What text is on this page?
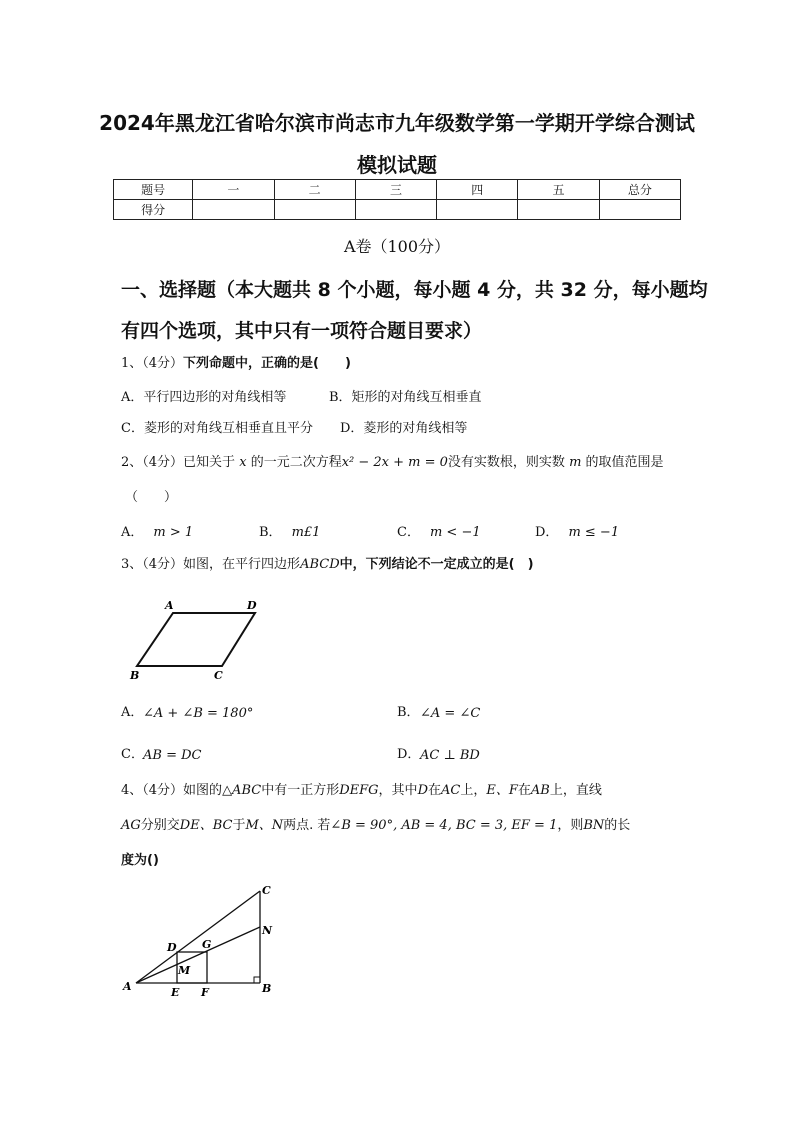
2024年黑龙江省哈尔滨市尚志市九年级数学第一学期开学综合测试
模拟试题
题号	一	二	三	四	五	总分
得分						
A卷（100分）
一、选择题（本大题共 8 个小题，每小题 4 分，共 32 分，每小题均
有四个选项，其中只有一项符合题目要求）
1、（4分）下列命题中，正确的是(　　)
A．平行四边形的对角线相等	B．矩形的对角线互相垂直
C．菱形的对角线互相垂直且平分 D．菱形的对角线相等
2、（4分）已知关于 x 的一元二次方程x² − 2x + m = 0没有实数根，则实数 m 的取值范围是
（　　）
A． m > 1	B． m£1	C． m < −1	D． m ≤ −1
3、（4分）如图，在平行四边形ABCD中，下列结论不一定成立的是(　)
A	D
B	C
A． ∠A + ∠B = 180°	B． ∠A = ∠C
C． AB = DC	D． AC ⊥ BD
4、（4分）如图的△ABC中有一正方形DEFG，其中D在AC上，E、F在AB上，直线
AG分别交DE、BC于M、N两点. 若∠B = 90°, AB = 4, BC = 3, EF = 1，则BN的长
度为()
C
N
B
A
D G
M
E F
